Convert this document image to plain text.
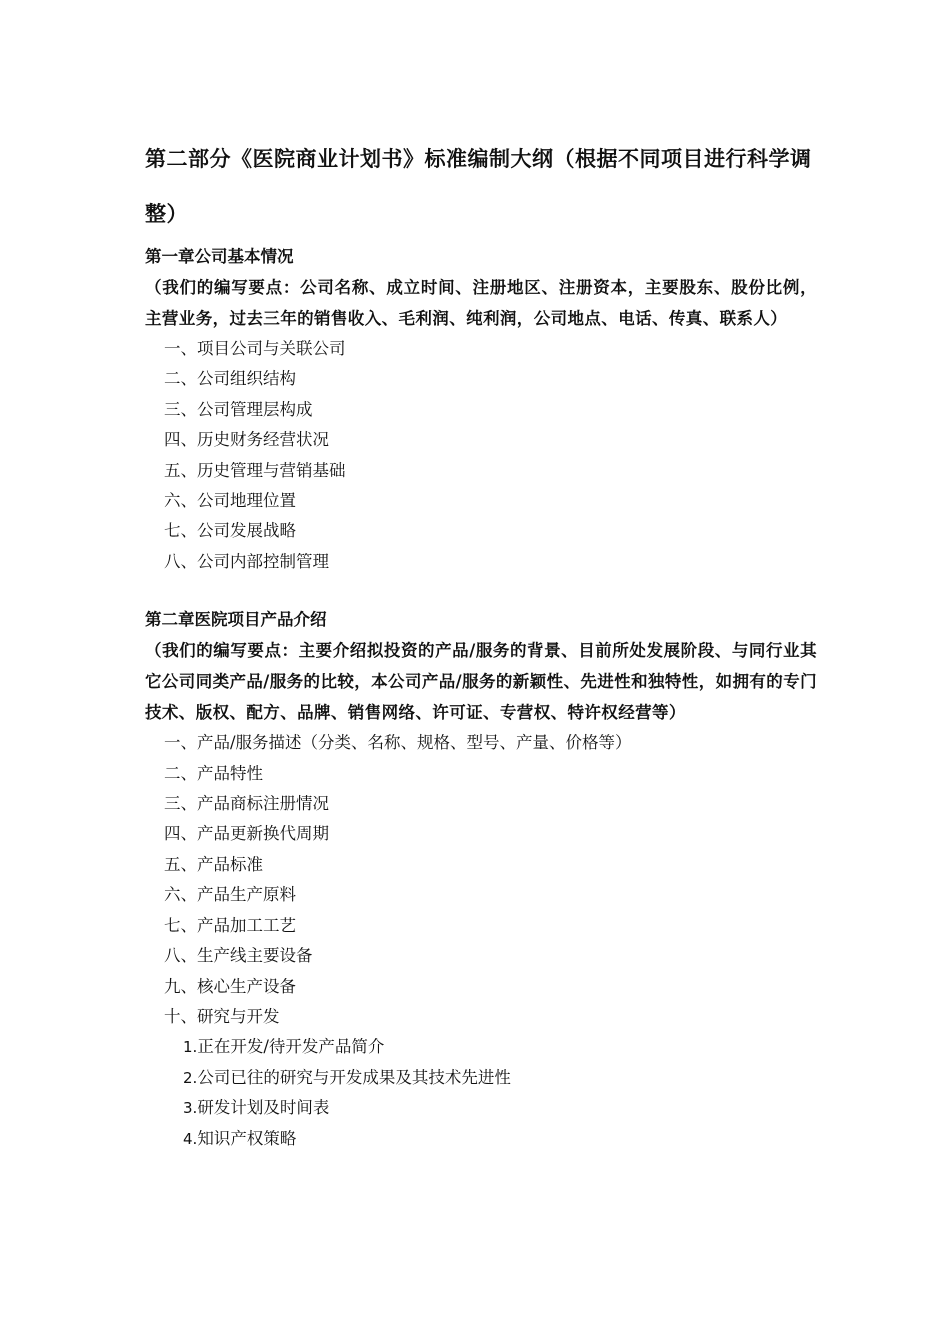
第二部分《医院商业计划书》标准编制大纲（根据不同项目进行科学调整）
第一章公司基本情况

（我们的编写要点：公司名称、成立时间、注册地区、注册资本，主要股东、股份比例，主营业务，过去三年的销售收入、毛利润、纯利润，公司地点、电话、传真、联系人）

一、项目公司与关联公司
二、公司组织结构
三、公司管理层构成
四、历史财务经营状况
五、历史管理与营销基础
六、公司地理位置
七、公司发展战略
八、公司内部控制管理
第二章医院项目产品介绍

（我们的编写要点：主要介绍拟投资的产品/服务的背景、目前所处发展阶段、与同行业其它公司同类产品/服务的比较，本公司产品/服务的新颖性、先进性和独特性，如拥有的专门技术、版权、配方、品牌、销售网络、许可证、专营权、特许权经营等）

一、产品/服务描述（分类、名称、规格、型号、产量、价格等）
二、产品特性
三、产品商标注册情况
四、产品更新换代周期
五、产品标准
六、产品生产原料
七、产品加工工艺
八、生产线主要设备
九、核心生产设备
十、研究与开发
1.正在开发/待开发产品简介
2.公司已往的研究与开发成果及其技术先进性
3.研发计划及时间表
4.知识产权策略
